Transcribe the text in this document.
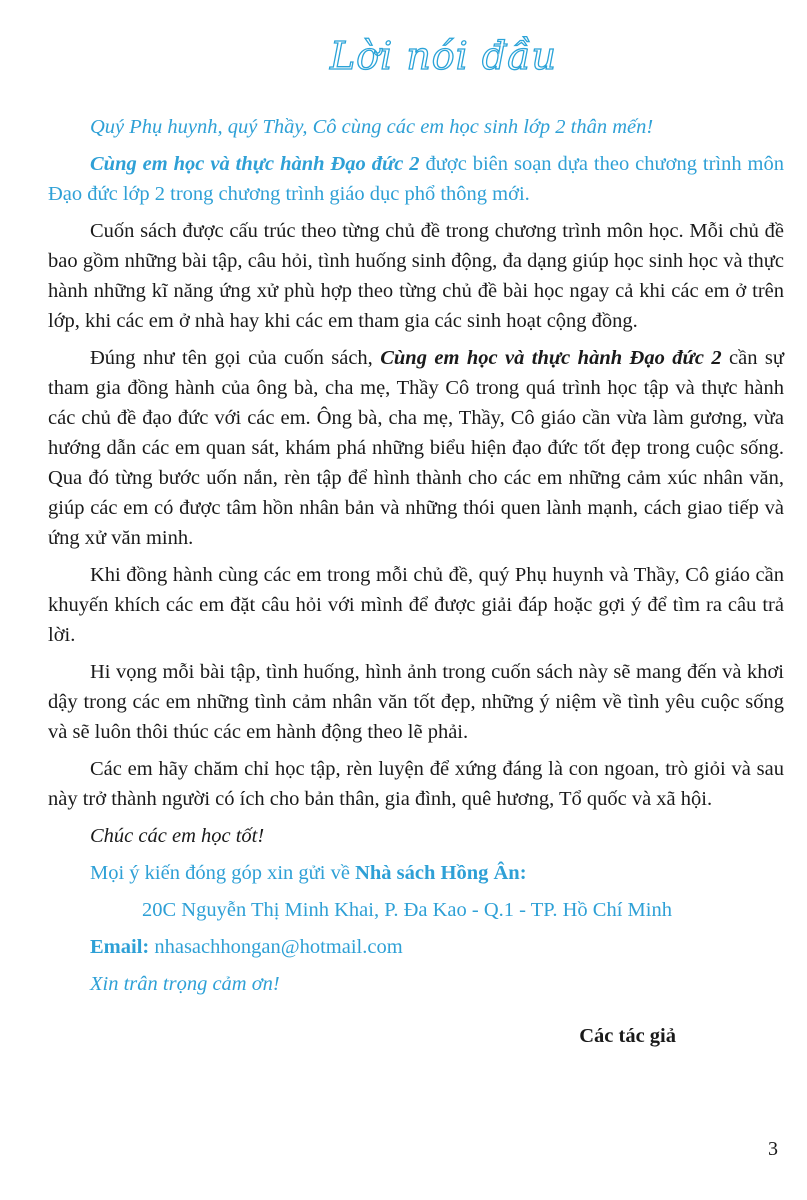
Lời nói đầu
Quý Phụ huynh, quý Thầy, Cô cùng các em học sinh lớp 2 thân mến!

Cùng em học và thực hành Đạo đức 2 được biên soạn dựa theo chương trình môn Đạo đức lớp 2 trong chương trình giáo dục phổ thông mới.

Cuốn sách được cấu trúc theo từng chủ đề trong chương trình môn học. Mỗi chủ đề bao gồm những bài tập, câu hỏi, tình huống sinh động, đa dạng giúp học sinh học và thực hành những kĩ năng ứng xử phù hợp theo từng chủ đề bài học ngay cả khi các em ở trên lớp, khi các em ở nhà hay khi các em tham gia các sinh hoạt cộng đồng.

Đúng như tên gọi của cuốn sách, Cùng em học và thực hành Đạo đức 2 cần sự tham gia đồng hành của ông bà, cha mẹ, Thầy Cô trong quá trình học tập và thực hành các chủ đề đạo đức với các em. Ông bà, cha mẹ, Thầy, Cô giáo cần vừa làm gương, vừa hướng dẫn các em quan sát, khám phá những biểu hiện đạo đức tốt đẹp trong cuộc sống. Qua đó từng bước uốn nắn, rèn tập để hình thành cho các em những cảm xúc nhân văn, giúp các em có được tâm hồn nhân bản và những thói quen lành mạnh, cách giao tiếp và ứng xử văn minh.

Khi đồng hành cùng các em trong mỗi chủ đề, quý Phụ huynh và Thầy, Cô giáo cần khuyến khích các em đặt câu hỏi với mình để được giải đáp hoặc gợi ý để tìm ra câu trả lời.

Hi vọng mỗi bài tập, tình huống, hình ảnh trong cuốn sách này sẽ mang đến và khơi dậy trong các em những tình cảm nhân văn tốt đẹp, những ý niệm về tình yêu cuộc sống và sẽ luôn thôi thúc các em hành động theo lẽ phải.

Các em hãy chăm chỉ học tập, rèn luyện để xứng đáng là con ngoan, trò giỏi và sau này trở thành người có ích cho bản thân, gia đình, quê hương, Tổ quốc và xã hội.

Chúc các em học tốt!
Mọi ý kiến đóng góp xin gửi về Nhà sách Hồng Ân:
20C Nguyễn Thị Minh Khai, P. Đa Kao - Q.1 - TP. Hồ Chí Minh
Email: nhasachhongan@hotmail.com
Xin trân trọng cảm ơn!
Các tác giả
3
